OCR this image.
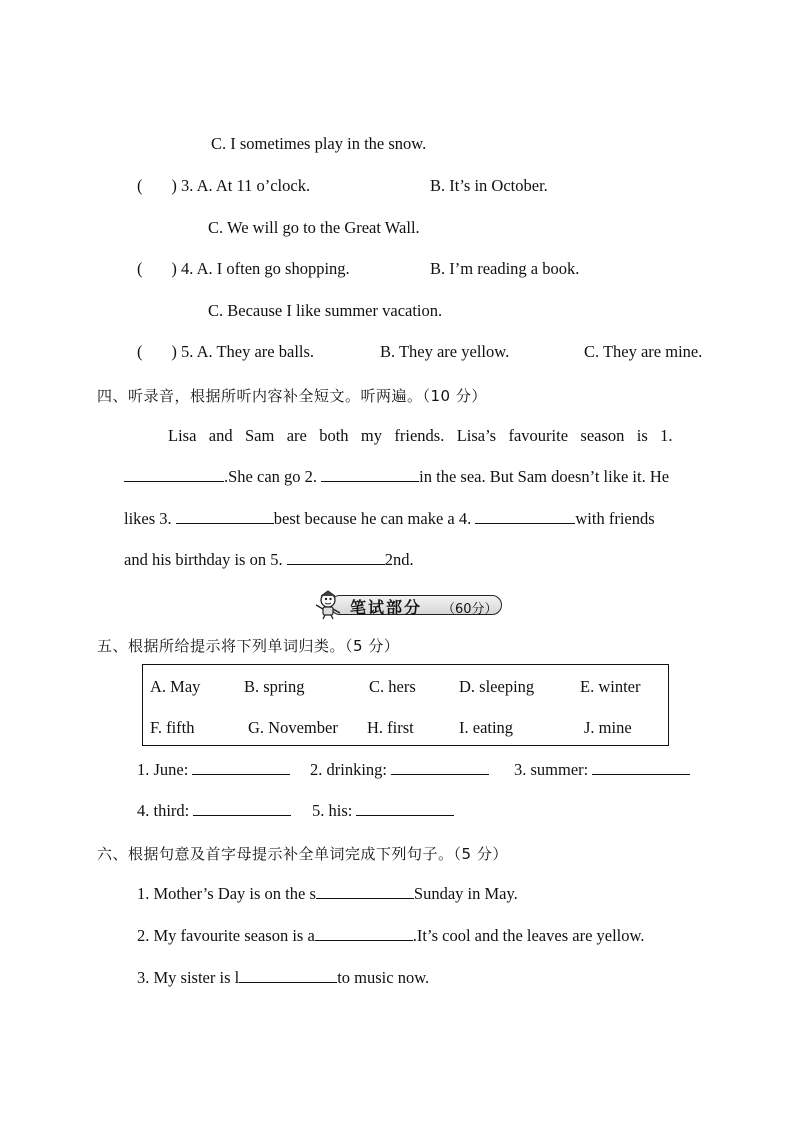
C. I sometimes play in the snow.
(       ) 3. A. At 11 o’clock.	B. It’s in October.
C. We will go to the Great Wall.
(       ) 4. A. I often go shopping.	B. I’m reading a book.
C. Because I like summer vacation.
(       ) 5. A. They are balls.	B. They are yellow.	C. They are mine.
四、听录音，根据所听内容补全短文。听两遍。（10 分）
Lisa   and   Sam   are   both   my   friends.   Lisa’s   favourite   season   is   1.
.She can go 2.	in the sea. But Sam doesn’t like it. He
likes 3.	best because he can make a 4.	with friends
and his birthday is on 5.	2nd.
笔试部分 （60分）
五、根据所给提示将下列单词归类。（5 分）
A. May	B. spring	C. hers	D. sleeping	E. winter
F. fifth	G. November H. first	I. eating	J. mine
1. June:	2. drinking:	3. summer:
4. third:	5. his:
六、根据句意及首字母提示补全单词完成下列句子。（5 分）
1. Mother’s Day is on the s	Sunday in May.
2. My favourite season is a	.It’s cool and the leaves are yellow.
3. My sister is l	to music now.
